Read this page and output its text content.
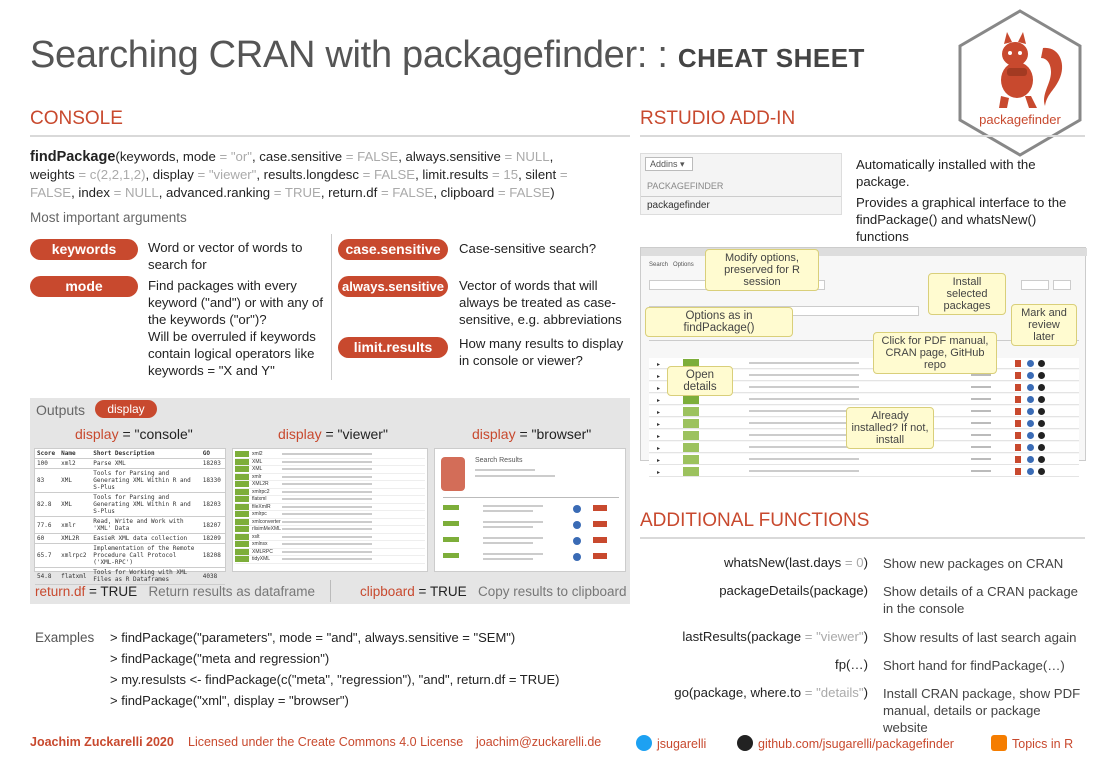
Searching CRAN with packagefinder: : CHEAT SHEET
packagefinder
CONSOLE
findPackage(keywords, mode = "or", case.sensitive = FALSE, always.sensitive = NULL, weights = c(2,2,1,2), display = "viewer", results.longdesc = FALSE, limit.results = 15, silent = FALSE, index = NULL, advanced.ranking = TRUE, return.df = FALSE, clipboard = FALSE)
Most important arguments
keywords	Word or vector of words to search for
mode	Find packages with every keyword ("and") or with any of the keywords ("or")?
Will be overruled if keywords contain logical operators like keywords = "X and Y"
case.sensitive	Case-sensitive search?
always.sensitive	Vector of words that will always be treated as case-sensitive, e.g. abbreviations
limit.results	How many results to display in console or viewer?
Outputs	display
display = "console"	display = "viewer"	display = "browser"
Score	Name	Short Description	GO
100	xml2	Parse XML	18203
83	XML	Tools for Parsing and Generating XML Within R and S-Plus	18330
82.8	XML	Tools for Parsing and Generating XML Within R and S-Plus	18203
77.6	xmlr	Read, Write and Work with 'XML' Data	18207
60	XML2R	EasieR XML data collection	18209
65.7	xmlrpc2	Implementation of the Remote Procedure Call Protocol ('XML-RPC')	18208
54.8	flatxml	Tools for Working with XML Files as R Dataframes	4038
xml2
XML
XML
xmlr
XML2R
xmlrpc2
flatxml
fileXmlR
xmlrpc
xmlconverter
rlisimMeXML
xslt
xmlnsx
XMLRPC
tidyXML
Search Results
return.df = TRUE Return results as dataframe	clipboard = TRUE Copy results to clipboard
Examples > findPackage("parameters", mode = "and", always.sensitive = "SEM")
> findPackage("meta and regression")
> my.resulsts <- findPackage(c("meta", "regression"), "and", return.df = TRUE)
> findPackage("xml", display = "browser")
RSTUDIO ADD-IN
Addins ▾
PACKAGEFINDER
packagefinder
Automatically installed with the package.
Provides a graphical interface to the findPackage() and whatsNew() functions
Search   Options
▸
▸
▸
▸
▸
▸
▸
▸
▸
▸
Modify options, preserved for R session	Install selected packages
Mark and review later
Options as in findPackage()
Click for PDF manual, CRAN page, GitHub repo
Open details
Already installed? If not, install
ADDITIONAL FUNCTIONS
whatsNew(last.days = 0) Show new packages on CRAN
packageDetails(package) Show details of a CRAN package in the console
lastResults(package = "viewer") Show results of last search again
fp(…) Short hand for findPackage(…)
go(package, where.to = "details") Install CRAN package, show PDF manual, details or package website
Joachim Zuckarelli 2020 Licensed under the Create Commons 4.0 License joachim@zuckarelli.de	jsugarelli	github.com/jsugarelli/packagefinder	Topics in R
